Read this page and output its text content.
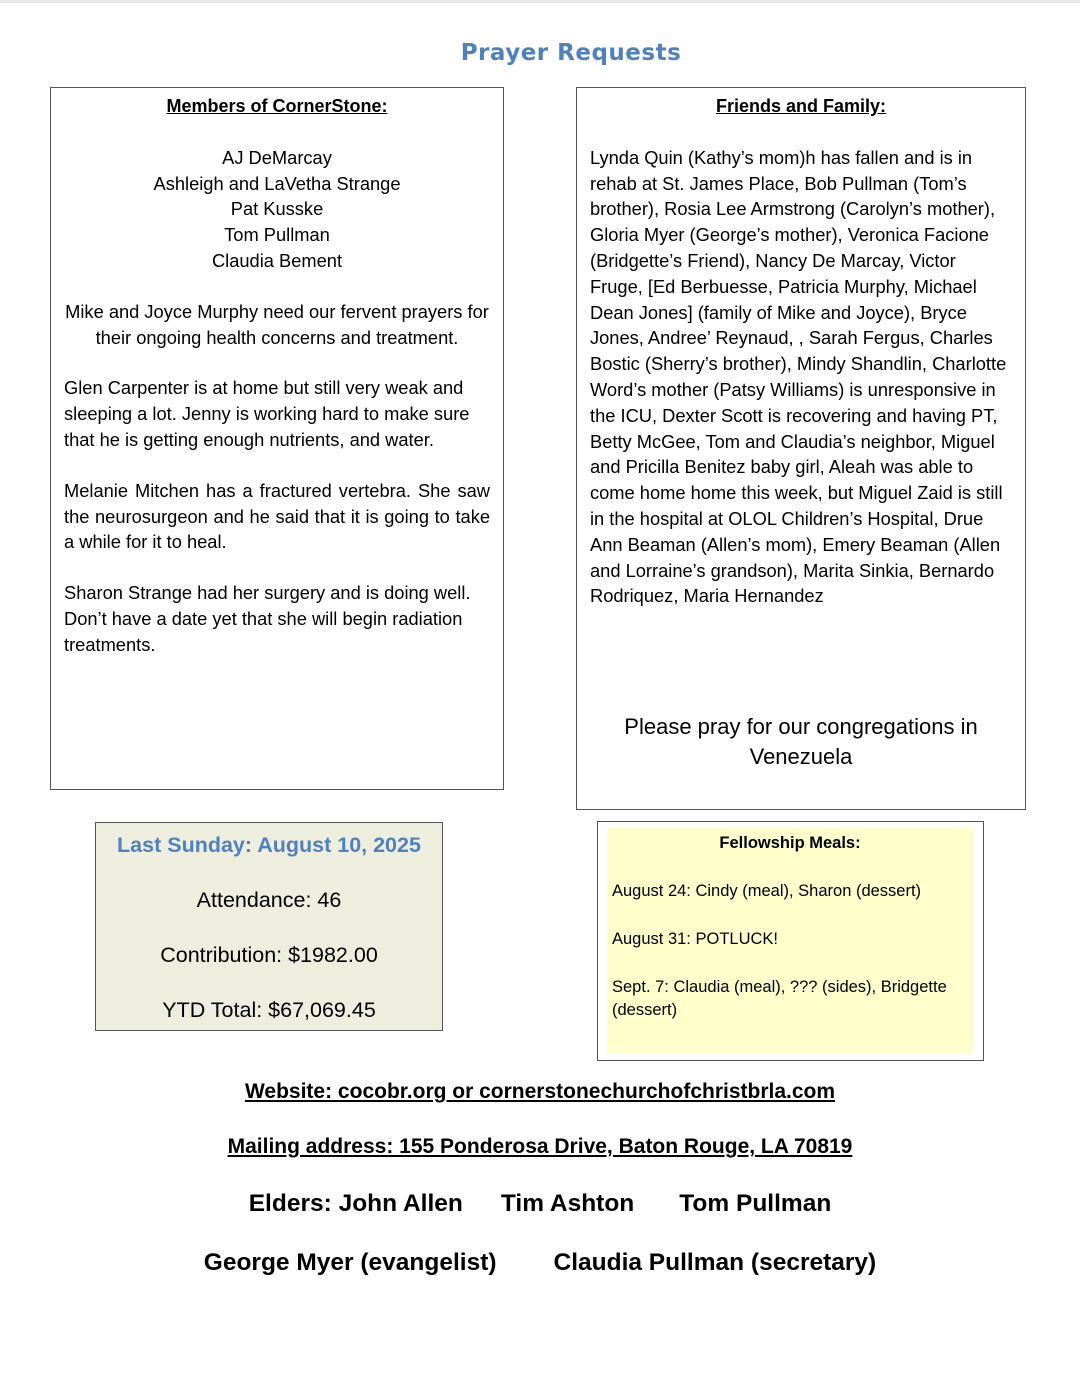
Prayer Requests
Members of CornerStone:
AJ DeMarcay
Ashleigh and LaVetha Strange
Pat Kusske
Tom Pullman
Claudia Bement

Mike and Joyce Murphy need our fervent prayers for their ongoing health concerns and treatment.

Glen Carpenter is at home but still very weak and sleeping a lot. Jenny is working hard to make sure that he is getting enough nutrients, and water.

Melanie Mitchen has a fractured vertebra. She saw the neurosurgeon and he said that it is going to take a while for it to heal.

Sharon Strange had her surgery and is doing well. Don’t have a date yet that she will begin radiation treatments.

Friends and Family:

Lynda Quin (Kathy’s mom)h has fallen and is in rehab at St. James Place, Bob Pullman (Tom’s brother), Rosia Lee Armstrong (Carolyn’s mother), Gloria Myer (George’s mother), Veronica Facione (Bridgette’s Friend), Nancy De Marcay, Victor Fruge, [Ed Berbuesse, Patricia Murphy, Michael Dean Jones] (family of Mike and Joyce), Bryce Jones, Andree’ Reynaud, , Sarah Fergus, Charles Bostic (Sherry’s brother), Mindy Shandlin, Charlotte Word’s mother (Patsy Williams) is unresponsive in the ICU, Dexter Scott is recovering and having PT, Betty McGee, Tom and Claudia’s neighbor, Miguel and Pricilla Benitez baby girl, Aleah was able to come home home this week, but Miguel Zaid is still in the hospital at OLOL Children’s Hospital, Drue Ann Beaman (Allen’s mom), Emery Beaman (Allen and Lorraine’s grandson), Marita Sinkia, Bernardo Rodriquez, Maria Hernandez

Please pray for our congregations in
Venezuela
Last Sunday: August 10, 2025
Attendance: 46
Contribution: $1982.00
YTD Total: $67,069.45
Fellowship Meals:
August 24: Cindy (meal), Sharon (dessert)
August 31: POTLUCK!
Sept. 7: Claudia (meal), ??? (sides), Bridgette (dessert)
Website: cocobr.org or cornerstonechurchofchristbrla.com
Mailing address: 155 Ponderosa Drive, Baton Rouge, LA 70819
Elders: John Allen Tim Ashton Tom Pullman
George Myer (evangelist) Claudia Pullman (secretary)
